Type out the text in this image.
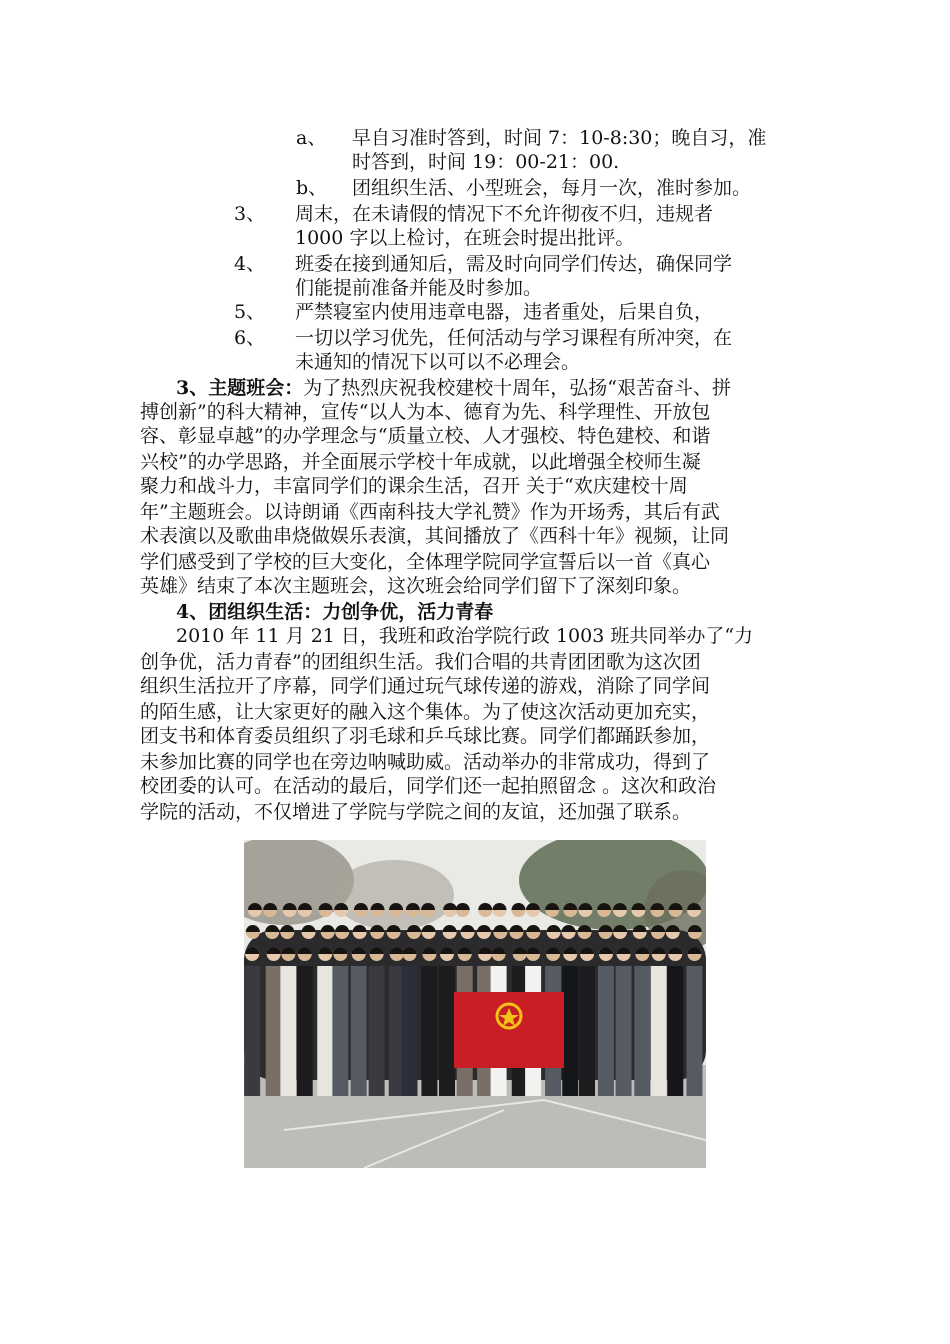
a、 早自习准时答到，时间 7：10-8:30；晚自习，准
时答到，时间 19：00-21：00.
b、 团组织生活、小型班会，每月一次，准时参加。
3、 周末，在未请假的情况下不允许彻夜不归，违规者
1000 字以上检讨，在班会时提出批评。
4、 班委在接到通知后，需及时向同学们传达，确保同学
们能提前准备并能及时参加。
5、 严禁寝室内使用违章电器，违者重处，后果自负，
6、 一切以学习优先，任何活动与学习课程有所冲突，在
未通知的情况下以可以不必理会。
3、主题班会：为了热烈庆祝我校建校十周年，弘扬“艰苦奋斗、拼
搏创新”的科大精神，宣传“以人为本、德育为先、科学理性、开放包
容、彰显卓越”的办学理念与“质量立校、人才强校、特色建校、和谐
兴校”的办学思路，并全面展示学校十年成就，以此增强全校师生凝
聚力和战斗力，丰富同学们的课余生活，召开 关于“欢庆建校十周
年”主题班会。以诗朗诵《西南科技大学礼赞》作为开场秀，其后有武
术表演以及歌曲串烧做娱乐表演，其间播放了《西科十年》视频，让同
学们感受到了学校的巨大变化，全体理学院同学宣誓后以一首《真心
英雄》结束了本次主题班会，这次班会给同学们留下了深刻印象。
4、团组织生活：力创争优，活力青春
2010 年 11 月 21 日，我班和政治学院行政 1003 班共同举办了“力
创争优，活力青春”的团组织生活。我们合唱的共青团团歌为这次团
组织生活拉开了序幕，同学们通过玩气球传递的游戏，消除了同学间
的陌生感，让大家更好的融入这个集体。为了使这次活动更加充实，
团支书和体育委员组织了羽毛球和乒乓球比赛。同学们都踊跃参加，
未参加比赛的同学也在旁边呐喊助威。活动举办的非常成功，得到了
校团委的认可。在活动的最后，同学们还一起拍照留念 。这次和政治
学院的活动，不仅增进了学院与学院之间的友谊，还加强了联系。
